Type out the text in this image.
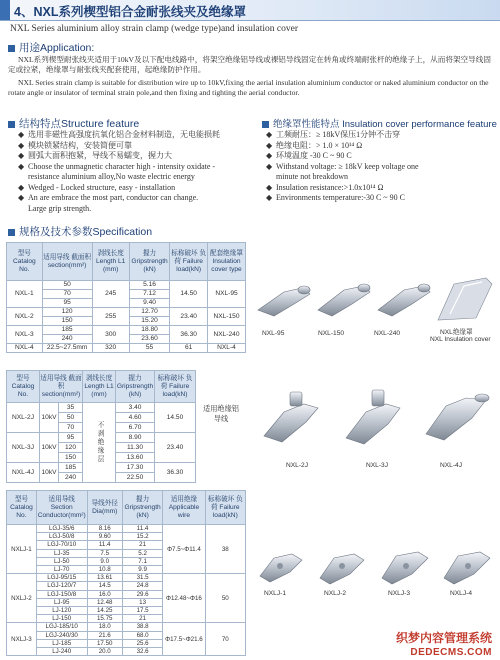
4、NXL系列楔型铝合金耐张线夹及绝缘罩
NXL Series aluminium alloy strain clamp (wedge type)and insulation cover
用途Application:
NXL系列楔型耐张线夹适用于10kV及以下配电线路中，将架空绝缘铝导线或裸铝导线固定在转角或终端耐张杆的绝缘子上，从而将架空导线固定或拉紧，绝缘罩与耐张线夹配套使用，起绝缘防护作用。
NXL Series strain clamp is suitable for distribution wire up to 10kV,fixing the aerial insulation aluminium conductor or naked aluminium conductor on the rotate angle or insulator of terminal strain pole,and then fixing and tighting the aerial conductor.
结构特点Structure feature
◆ 选用非磁性高强度抗氧化铝合金材料制造，无电能损耗
◆ 模块锁紧结构，安装简便可靠
◆ 圆弧大面积抱紧，导线不易蠕变，握力大
◆ Choose the unmagnetic character high - intensity oxidate -
resistance aluminium alloy,No waste electric energy
◆ Wedged - Locked structure, easy - installation
◆ An are embrace the most part, conductor can change.
Large grip strength.
绝缘罩性能特点 Insulation cover performance feature
◆ 工频耐压：≥ 18kV保压1分钟不击穿
◆ 绝缘电阻：> 1.0 × 10¹⁴ Ω
◆ 环境温度 -30 C ~ 90 C
◆ Withstand voltage: ≥ 18kV keep voltage one
minute not breakdown
◆ Insulation resistance:>1.0x10¹⁴ Ω
◆ Environments temperature:-30 C ~ 90 C
规格及技术参数Specification
型号 Catalog No.	适用导线 截面积 section(mm²)	剥线长度 Length L1 (mm)	握力 Gripstrength (kN)	标称破坏 负荷 Failure load(kN)	配套绝缘罩 Insulation cover type
NXL-1	50	245	5.16	14.50	NXL-95
	70		7.12		
	95		9.40		
NXL-2	120	255	12.70	23.40	NXL-150
	150		15.20		
NXL-3	185	300	18.80	36.30	NXL-240
	240		23.60		
NXL-4	22.5~27.5mm	320	55	61	NXL-4
型号 Catalog No.	适用导线 截面积 section(mm²)		剥线长度 Length L1 (mm)	握力 Gripstrength (kN)	标称破坏 负荷 Failure load(kN)
NXL-2J	10kV	35	不剥绝缘层	3.40	14.50
		50		4.60	
		70		6.70	
NXL-3J	10kV	95		8.90	23.40
		120		11.30	
		150		13.60	
NXL-4J	10kV	185		17.30	36.30
		240		22.50	
适用绝缘铝导线
型号 Catalog No.	适用导线 Section Conductor(mm²)	导线外径 Dia(mm)	握力 Gripstrength (kN)	适用绝缘 Applicable wire	标称破坏 负荷 Failure load(kN)
NXLJ-1	LGJ-35/6	8.16	11.4	Φ7.5~Φ11.4	38
	LGJ-50/8	9.60	15.2		
	LGJ-70/10	11.4	21		
	LJ-35	7.5	5.2		
	LJ-50	9.0	7.1		
	LJ-70	10.8	9.9		
NXLJ-2	LGJ-95/15	13.61	31.5	Φ12.48~Φ16	50
	LGJ-120/7	14.5	24.8		
	LGJ-150/8	16.0	29.6		
	LJ-95	12.48	13		
	LJ-120	14.25	17.5		
	LJ-150	15.75	21		
NXLJ-3	LGJ-185/10	18.0	38.8	Φ17.5~Φ21.6	70
	LGJ-240/30	21.6	68.0		
	LJ-185	17.50	25.6		
	LJ-240	20.0	32.6		
NXL-95	NXL-150	NXL-240	NXL绝缘罩
NXL Insulation cover
NXL-2J	NXL-3J	NXL-4J
NXLJ-1	NXLJ-2	NXLJ-3	NXLJ-4
织梦内容管理系统
DEDECMS.COM
